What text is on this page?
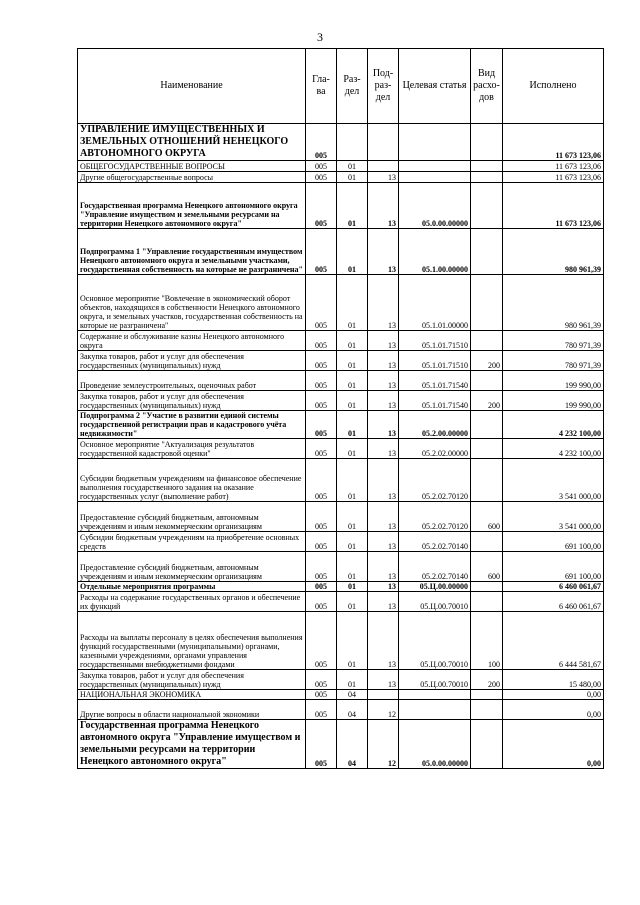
3
Наименование	Гла-ва	Раз-дел	Под-раз-дел	Целевая статья	Вид расхо-дов	Исполнено
УПРАВЛЕНИЕ ИМУЩЕСТВЕННЫХ И ЗЕМЕЛЬНЫХ ОТНОШЕНИЙ НЕНЕЦКОГО АВТОНОМНОГО ОКРУГА	005					11 673 123,06
ОБЩЕГОСУДАРСТВЕННЫЕ ВОПРОСЫ	005	01				11 673 123,06
Другие общегосударственные вопросы	005	01	13			11 673 123,06
Государственная программа Ненецкого автономного округа "Управление имуществом и земельными ресурсами на территории Ненецкого автономного округа"	005	01	13	05.0.00.00000		11 673 123,06
Подпрограмма 1 "Управление государственным имуществом Ненецкого автономного округа и земельными участками, государственная собственность на которые не разграничена"	005	01	13	05.1.00.00000		980 961,39
Основное мероприятие "Вовлечение в экономический оборот объектов, находящихся в собственности Ненецкого автономного округа, и земельных участков, государственная собственность на которые не разграничена"	005	01	13	05.1.01.00000		980 961,39
Содержание и обслуживание казны Ненецкого автономного округа	005	01	13	05.1.01.71510		780 971,39
Закупка товаров, работ и услуг для обеспечения государственных (муниципальных) нужд	005	01	13	05.1.01.71510	200	780 971,39
Проведение землеустроительных, оценочных работ	005	01	13	05.1.01.71540		199 990,00
Закупка товаров, работ и услуг для обеспечения государственных (муниципальных) нужд	005	01	13	05.1.01.71540	200	199 990,00
Подпрограмма 2 "Участие в развитии единой системы государственной регистрации прав и кадастрового учёта недвижимости"	005	01	13	05.2.00.00000		4 232 100,00
Основное мероприятие "Актуализация результатов государственной кадастровой оценки"	005	01	13	05.2.02.00000		4 232 100,00
Субсидии бюджетным учреждениям на финансовое обеспечение выполнения государственного задания на оказание государственных услуг (выполнение работ)	005	01	13	05.2.02.70120		3 541 000,00
Предоставление субсидий бюджетным, автономным учреждениям и иным некоммерческим организациям	005	01	13	05.2.02.70120	600	3 541 000,00
Субсидии бюджетным учреждениям на приобретение основных средств	005	01	13	05.2.02.70140		691 100,00
Предоставление субсидий бюджетным, автономным учреждениям и иным некоммерческим организациям	005	01	13	05.2.02.70140	600	691 100,00
Отдельные мероприятия программы	005	01	13	05.Ц.00.00000		6 460 061,67
Расходы на содержание государственных органов и обеспечение их функций	005	01	13	05.Ц.00.70010		6 460 061,67
Расходы на выплаты персоналу в целях обеспечения выполнения функций государственными (муниципальными) органами, казенными учреждениями, органами управления государственными внебюджетными фондами	005	01	13	05.Ц.00.70010	100	6 444 581,67
Закупка товаров, работ и услуг для обеспечения государственных (муниципальных) нужд	005	01	13	05.Ц.00.70010	200	15 480,00
НАЦИОНАЛЬНАЯ ЭКОНОМИКА	005	04				0,00
Другие вопросы в области национальной экономики	005	04	12			0,00
Государственная программа Ненецкого автономного округа "Управление имуществом и земельными ресурсами на территории Ненецкого автономного округа"	005	04	12	05.0.00.00000		0,00
